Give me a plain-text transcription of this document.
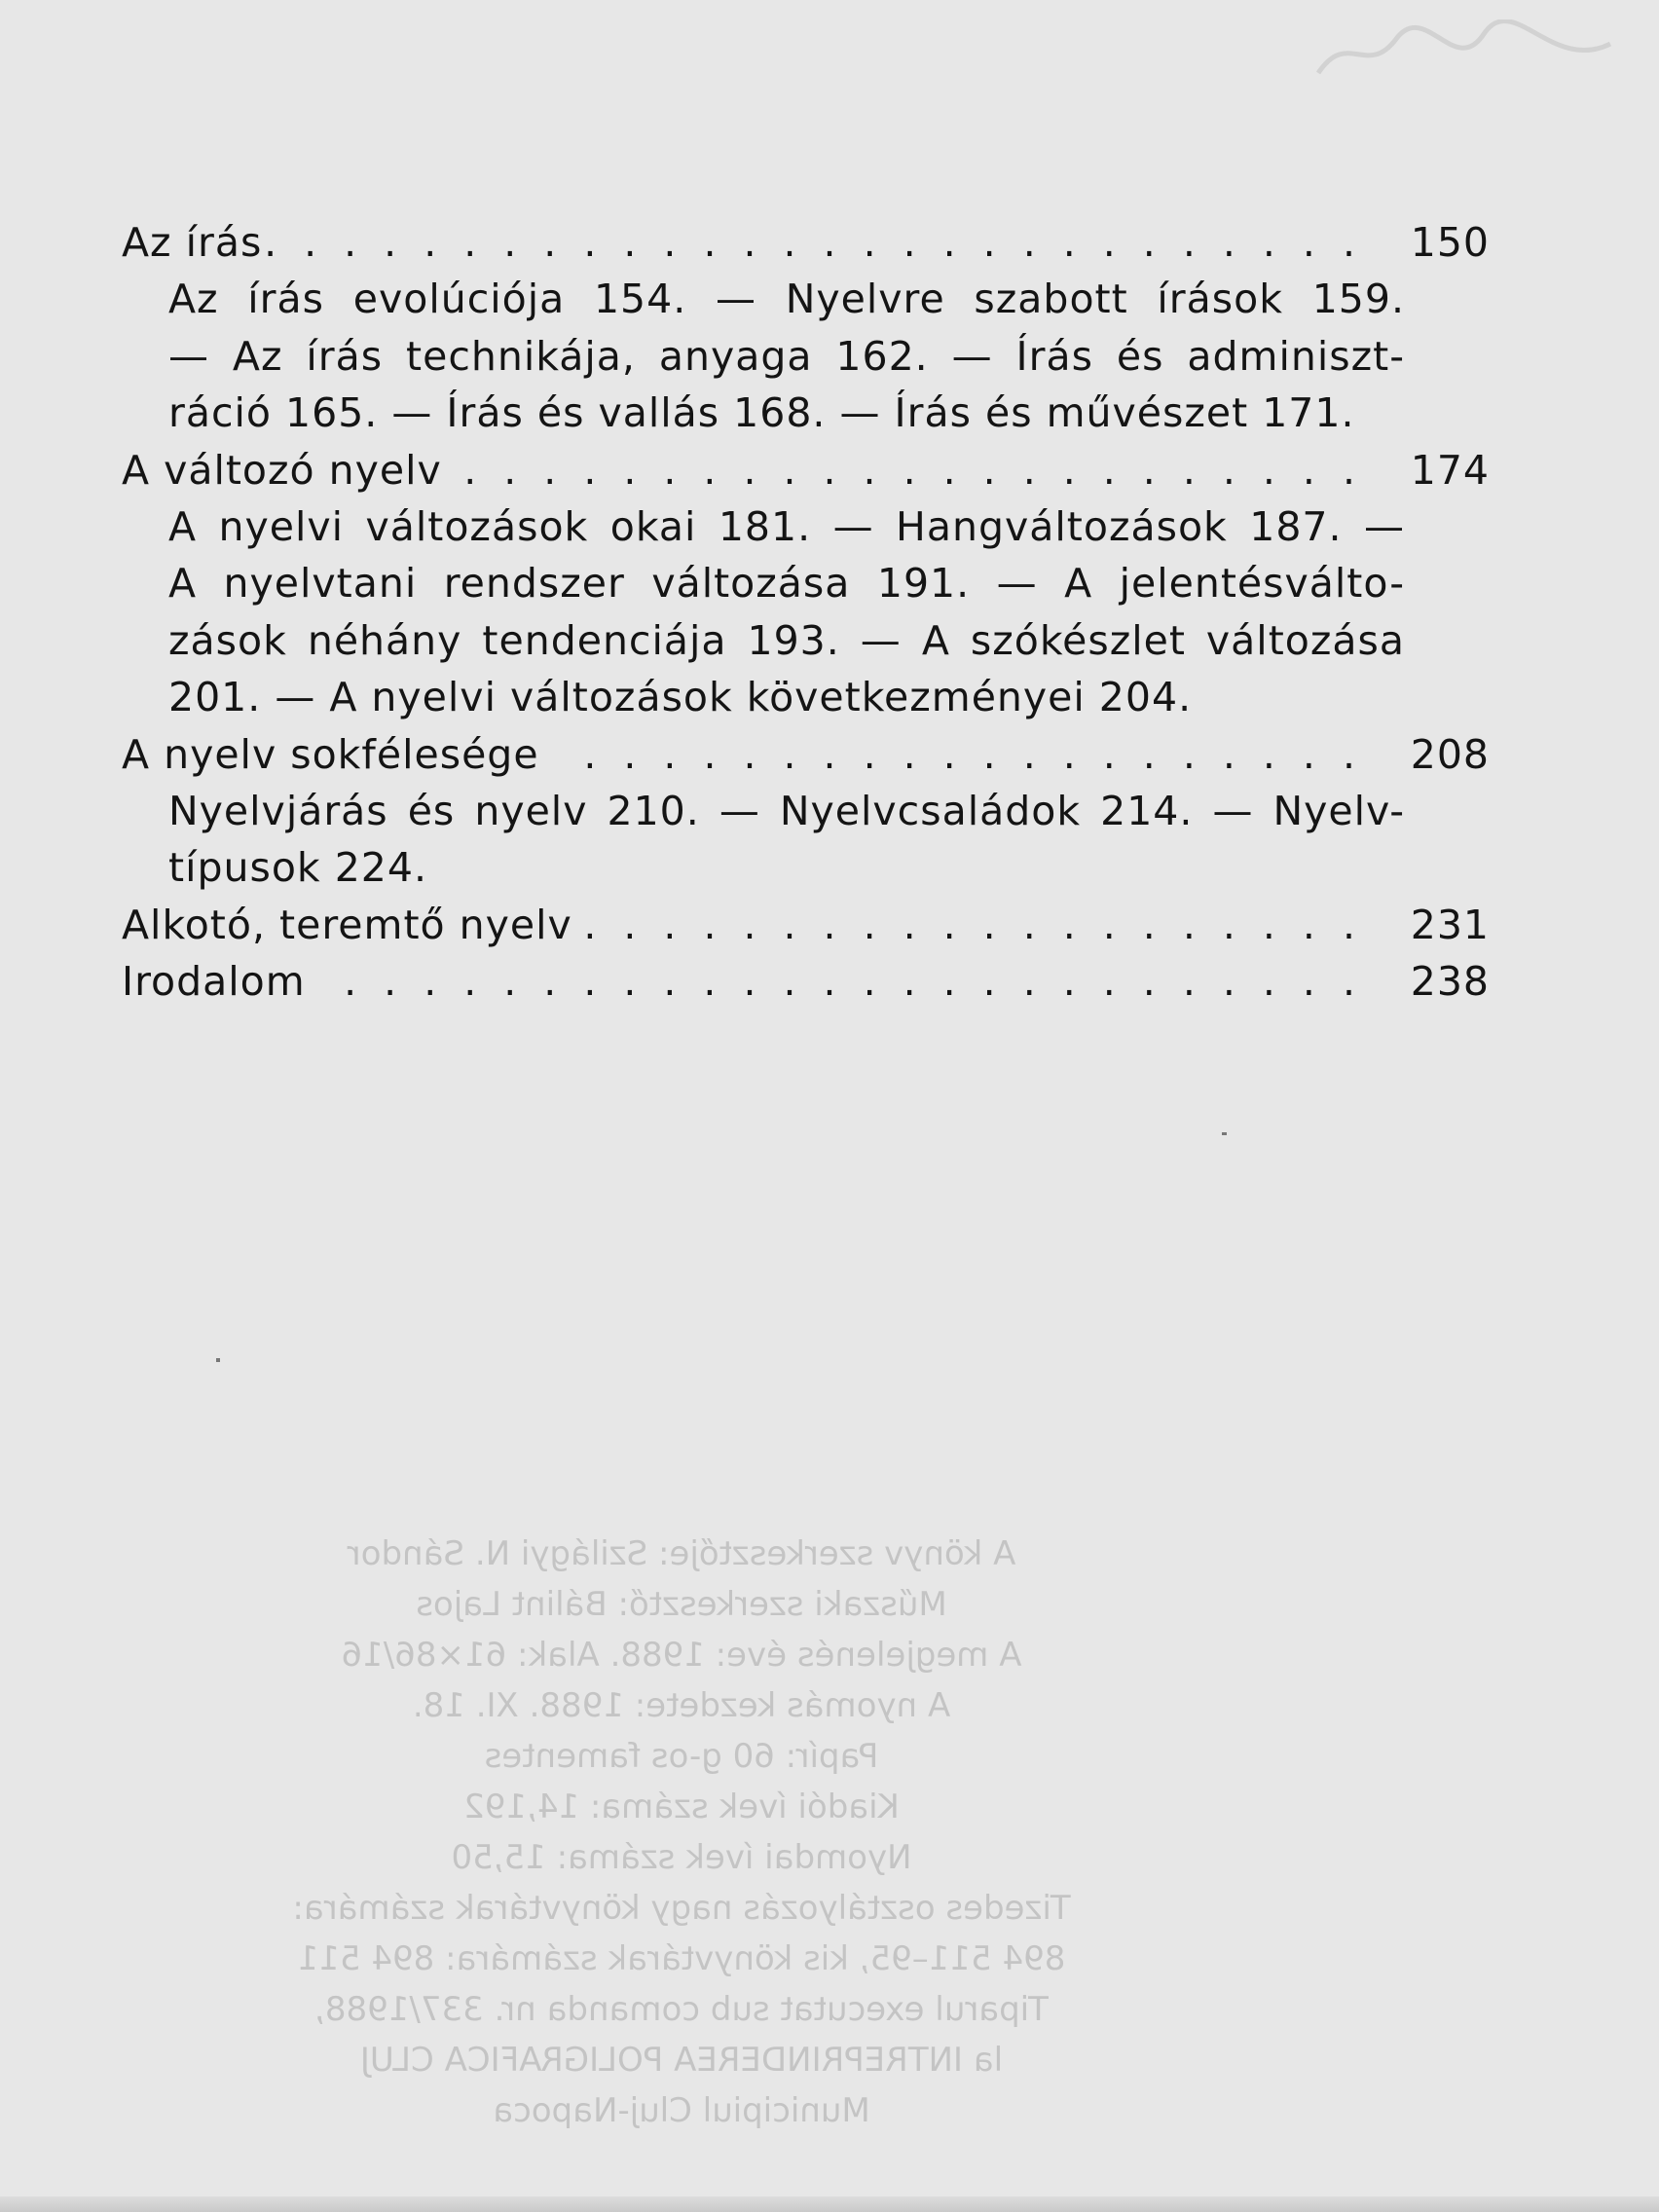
Az írás ............................ 150
Az írás evolúciója 154. — Nyelvre szabott írások 159.
— Az írás technikája, anyaga 162. — Írás és adminiszt-
ráció 165. — Írás és vallás 168. — Írás és művészet 171.
A változó nyelv ....................... 174
A nyelvi változások okai 181. — Hangváltozások 187. —
A nyelvtani rendszer változása 191. — A jelentésválto-
zások néhány tendenciája 193. — A szókészlet változása
201. — A nyelvi változások következményei 204.
A nyelv sokfélesége .................... 208
Nyelvjárás és nyelv 210. — Nyelvcsaládok 214. — Nyelv-
típusok 224.
Alkotó, teremtő nyelv .................... 231
Irodalom .......................... 238
A könyv szerkesztője: Szilágyi N. Sándor
Műszaki szerkesztő: Bálint Lajos
A megjelenés éve: 1988. Alak: 61×86/16
A nyomás kezdete: 1988. XI. 18.
Papír: 60 g-os famentes
Kiadói ívek száma: 14,192
Nyomdai ívek száma: 15,50
Tizedes osztályozás nagy könyvtárak számára:
894 511–95, kis könyvtárak számára: 894 511
Tiparul executat sub comanda nr. 337/1988,
la INTREPRINDEREA POLIGRAFICA CLUJ
Municipiul Cluj-Napoca
